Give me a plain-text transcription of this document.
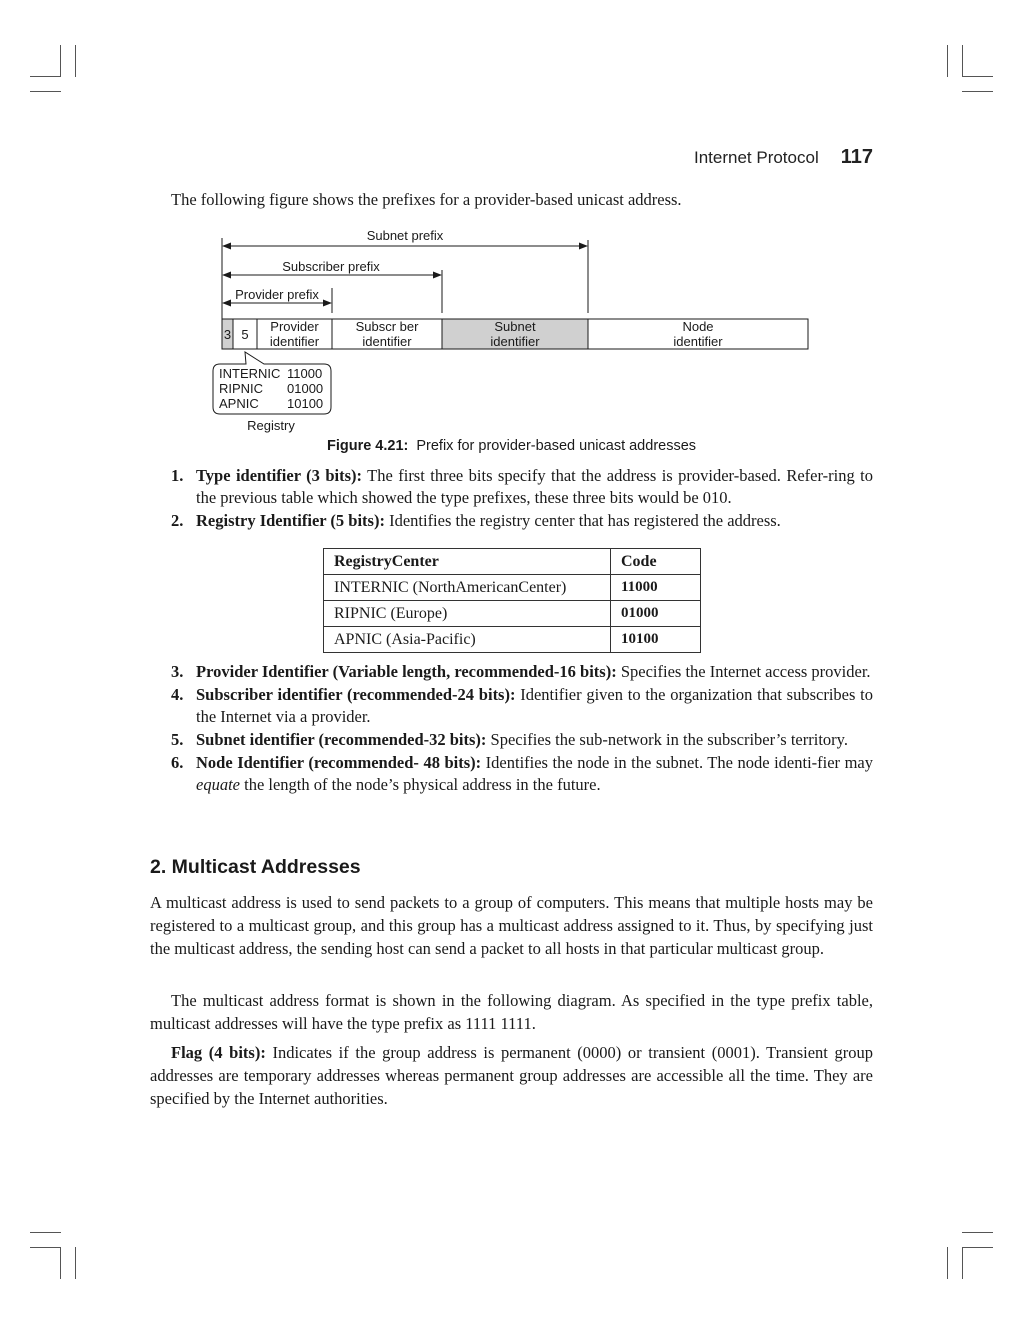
Internet Protocol 117
The following figure shows the prefixes for a provider-based unicast address.
Subnet prefix
Subscriber prefix
Provider prefix
3 5
Provider
identifier
Subscr ber
identifier
Subnet
identifier
Node
identifier
INTERNIC 11000
RIPNIC 01000
APNIC 10100
Registry
Figure 4.21: Prefix for provider-based unicast addresses
1. Type identifier (3 bits): The first three bits specify that the address is provider-based. Refer-ring to the previous table which showed the type prefixes, these three bits would be 010.
2. Registry Identifier (5 bits): Identifies the registry center that has registered the address.
RegistryCenter	Code
INTERNIC (NorthAmericanCenter)	11000
RIPNIC (Europe)	01000
APNIC (Asia-Pacific)	10100
3. Provider Identifier (Variable length, recommended-16 bits): Specifies the Internet access provider.
4. Subscriber identifier (recommended-24 bits): Identifier given to the organization that subscribes to the Internet via a provider.
5. Subnet identifier (recommended-32 bits): Specifies the sub-network in the subscriber’s territory.
6. Node Identifier (recommended- 48 bits): Identifies the node in the subnet. The node identi-fier may equate the length of the node’s physical address in the future.
2. Multicast Addresses
A multicast address is used to send packets to a group of computers. This means that multiple hosts may be registered to a multicast group, and this group has a multicast address assigned to it. Thus, by specifying just the multicast address, the sending host can send a packet to all hosts in that particular multicast group.
The multicast address format is shown in the following diagram. As specified in the type prefix table, multicast addresses will have the type prefix as 1111 1111.
Flag (4 bits): Indicates if the group address is permanent (0000) or transient (0001). Transient group addresses are temporary addresses whereas permanent group addresses are accessible all the time. They are specified by the Internet authorities.
